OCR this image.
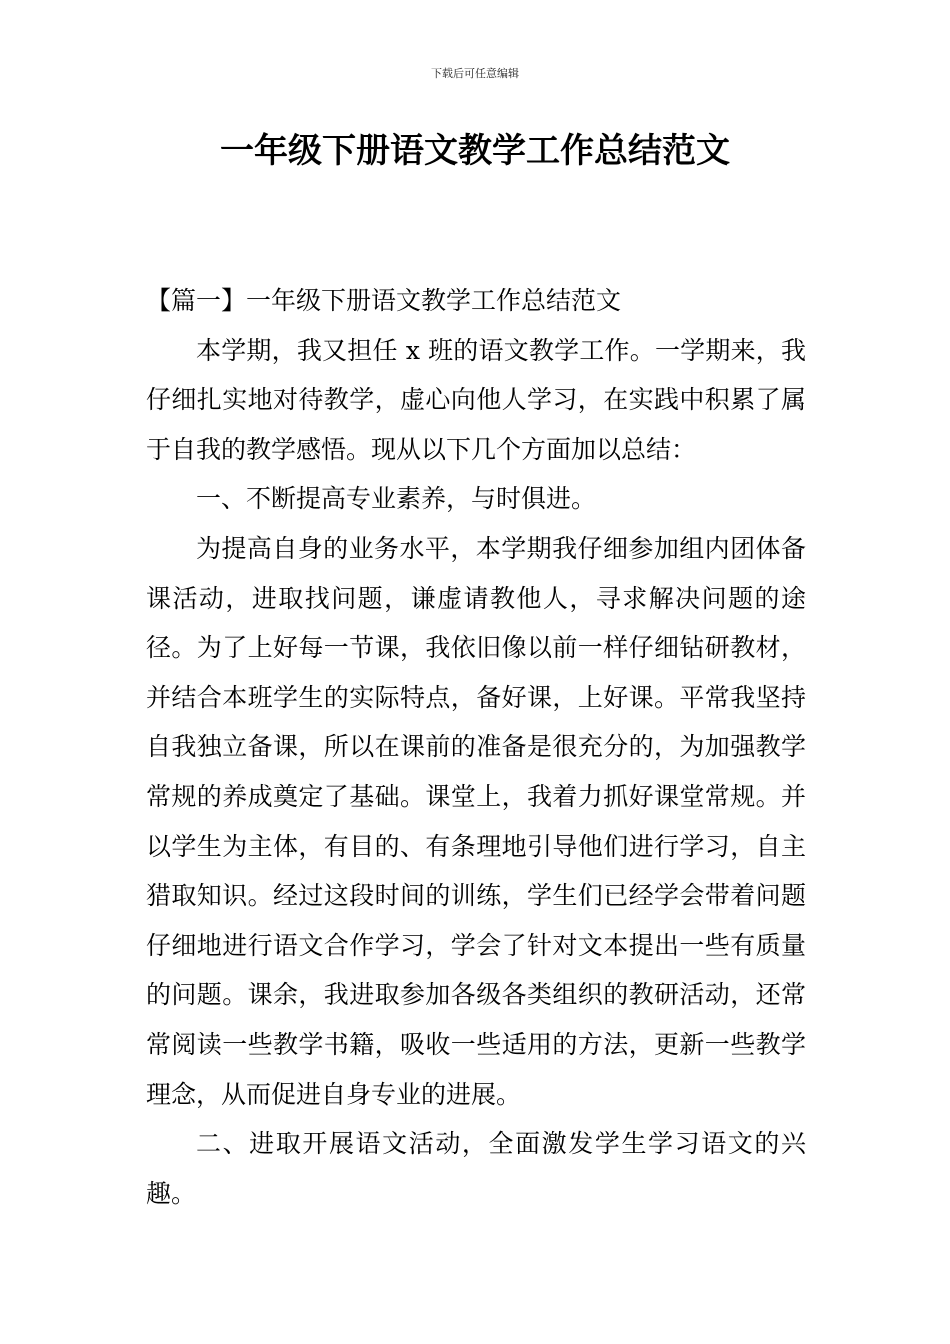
下载后可任意编辑
一年级下册语文教学工作总结范文

【篇一】一年级下册语文教学工作总结范文

本学期，我又担任 x 班的语文教学工作。一学期来，我仔细扎实地对待教学，虚心向他人学习，在实践中积累了属于自我的教学感悟。现从以下几个方面加以总结：

一、不断提高专业素养，与时俱进。

为提高自身的业务水平，本学期我仔细参加组内团体备课活动，进取找问题，谦虚请教他人，寻求解决问题的途径。为了上好每一节课，我依旧像以前一样仔细钻研教材，并结合本班学生的实际特点，备好课，上好课。平常我坚持自我独立备课，所以在课前的准备是很充分的，为加强教学常规的养成奠定了基础。课堂上，我着力抓好课堂常规。并以学生为主体，有目的、有条理地引导他们进行学习，自主猎取知识。经过这段时间的训练，学生们已经学会带着问题仔细地进行语文合作学习，学会了针对文本提出一些有质量的问题。课余，我进取参加各级各类组织的教研活动，还常常阅读一些教学书籍，吸收一些适用的方法，更新一些教学理念，从而促进自身专业的进展。

二、进取开展语文活动，全面激发学生学习语文的兴趣。
